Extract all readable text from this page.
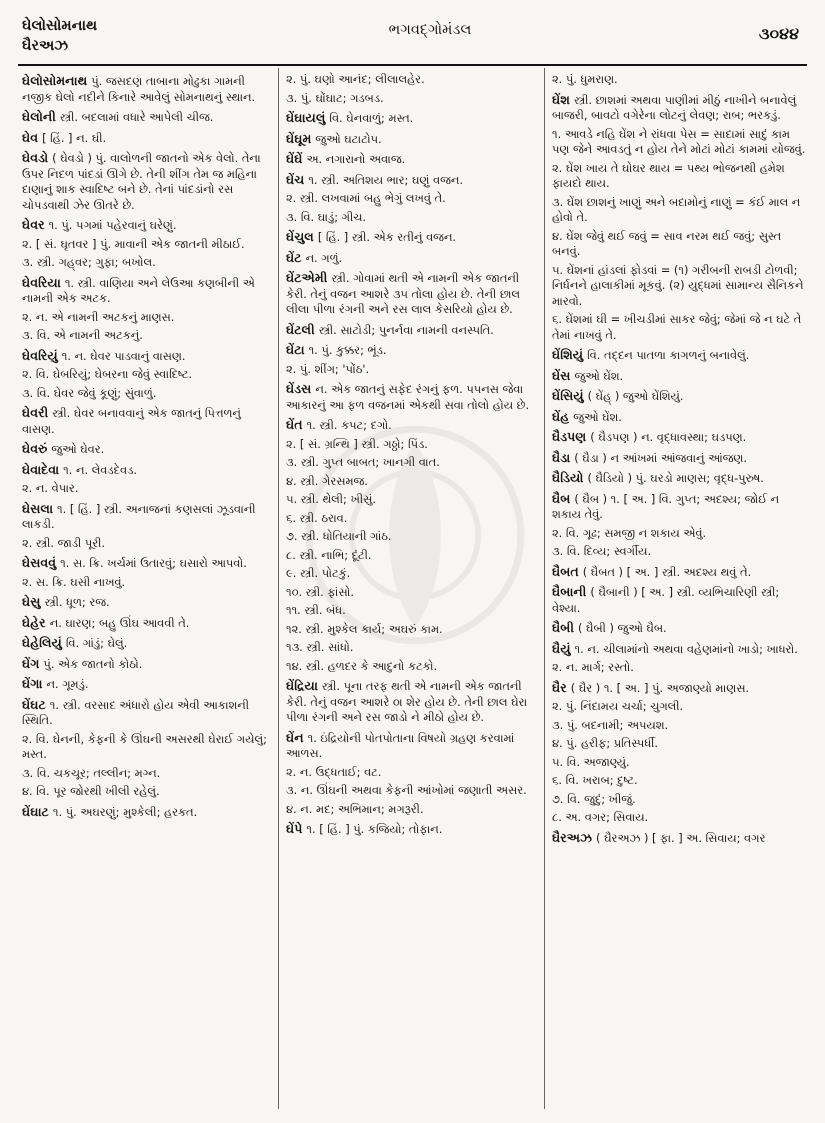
ઘેલોસોમનાથ
ઘૈરઅઝ
ભગવદ્ગોમંડલ	૩૦૪૪
ઘેલોસોમનાથ પું. જસદણ તાબાના મોઢુકા ગામની નજીક ઘેલો નદીને કિનારે આવેલું સોમનાથનું સ્થાન.
ઘેલોની સ્ત્રી. બદલામાં વધારે આપેલી ચીજ.
ઘેવ [ હિં. ] ન. ઘી.
ઘેવડો ( ઘેવડો ) પું. વાલોળની જાતનો એક વેલો. તેના ઉપર નિદળ પાંદડાં ઊગે છે. તેની શીંગ તેમ જ મહિના દાણાનું શાક સ્વાદિષ્ટ બને છે. તેનાં પાંદડાંનો રસ ચોપડવાથી ઝેર ઊતરે છે.
ઘેવર ૧. પું. પગમાં પહેરવાનું ઘરેણું.
૨. [ સં. ઘૃતવર ] પું. માવાની એક જાતની મીઠાઈ.
૩. સ્ત્રી. ગહ્‌વર; ગુફા; બખોલ.
ઘેવરિયા ૧. સ્ત્રી. વાણિયા અને લેઉઆ કણબીની એ નામની એક અટક.
૨. ન. એ નામની અટકનું માણસ.
૩. વિ. એ નામની અટકનું.
ઘેવરિયું ૧. ન. ઘેવર પાડવાનું વાસણ.
૨. વિ. ઘેબરિયું; ઘેબરના જેવું સ્વાદિષ્ટ.
૩. વિ. ઘેવર જેવું કૂણું; સુંવાળું.
ઘેવરી સ્ત્રી. ઘેવર બનાવવાનું એક જાતનું પિત્તળનું વાસણ.
ઘેવરું જુઓ ઘેવર.
ઘેવાદેવા ૧. ન. લેવડદેવડ.
૨. ન. વેપાર.
ઘેસલા ૧. [ હિં. ] સ્ત્રી. અનાજનાં કણસલાં ઝૂડવાની લાકડી.
૨. સ્ત્રી. જાડી પૂરી.
ઘેસવવું ૧. સ. ક્રિ. ખર્ચમાં ઉતારવું; ઘસારો આપવો.
૨. સ. ક્રિ. ઘસી નાખવું.
ઘેસુ સ્ત્રી. ધૂળ; રજ.
ઘેહેર ન. ઘારણ; બહુ ઊંઘ આવવી તે.
ઘેહેલિયું વિ. ગાંડું; ઘેલું.
ઘેંગ પું. એક જાતનો કોઠો.
ઘેંગા ન. ગૂમડું.
ઘેંઘટ ૧. સ્ત્રી. વરસાદ અંધારો હોય એવી આકાશની સ્થિતિ.
૨. વિ. ઘેનની, કેફની કે ઊંઘની અસરથી ઘેરાઈ ગયેલું; મસ્ત.
૩. વિ. ચકચૂર; તલ્લીન; મગ્ન.
૪. વિ. પૂર જોરથી ખીલી રહેલું.
ઘેંઘાટ ૧. પું. અઘરણું; મુશ્કેલી; હરકત.
૨. પું. ઘણો આનંદ; લીલાલહેર.
૩. પું. ઘોંઘાટ; ગડબડ.
ઘેંઘાયલું વિ. ઘેનવાળું; મસ્ત.
ઘેંઘૂમ જુઓ ઘટાટોપ.
ઘેંઘેં અ. નગારાનો અવાજ.
ઘેંચ ૧. સ્ત્રી. અતિશય ભાર; ઘણું વજન.
૨. સ્ત્રી. લખવામાં બહુ ભેગું લખવું તે.
૩. વિ. ઘાડું; ગીચ.
ઘેંચુલ [ હિં. ] સ્ત્રી. એક રતીનું વજન.
ઘેંટ ન. ગળું.
ઘેંટએમી સ્ત્રી. ગોવામાં થતી એ નામની એક જાતની કેરી. તેનું વજન આશરે ૩૫ તોલા હોય છે. તેની છાલ લીલા પીળા રંગની અને રસ લાલ કેસરિયો હોય છે.
ઘેંટલી સ્ત્રી. સાટોડી; પુનર્નવા નામની વનસ્પતિ.
ઘેંટા ૧. પું. કુક્કર; ભૂંડ.
૨. પું. શીંગ; 'પોંઠ'.
ઘેંડસ ન. એક જાતનું સફેદ રંગનું ફળ. પપનસ જેવા આકારનું આ ફળ વજનમાં એકથી સવા તોલો હોય છે.
ઘેંત ૧. સ્ત્રી. કપટ; દગો.
૨. [ સં. ગ્રન્થિ ] સ્ત્રી. ગઠ્ઠો; પિંડ.
૩. સ્ત્રી. ગુપ્ત બાબત; ખાનગી વાત.
૪. સ્ત્રી. ગેરસમજ.
૫. સ્ત્રી. થેલી; ખીસું.
૬. સ્ત્રી. ઠરાવ.
૭. સ્ત્રી. ધોતિયાની ગાંઠ.
૮. સ્ત્રી. નાભિ; દૂંટી.
૯. સ્ત્રી. પોટકું.
૧૦. સ્ત્રી. ફાંસો.
૧૧. સ્ત્રી. બંધ.
૧૨. સ્ત્રી. મુશ્કેલ કાર્ય; અઘરું કામ.
૧૩. સ્ત્રી. સાંધો.
૧૪. સ્ત્રી. હળદર કે આદુનો કટકો.
ઘેંદ્રિયા સ્ત્રી. પૂના તરફ થતી એ નામની એક જાતની કેરી. તેનું વજન આશરે ૦ા શેર હોય છે. તેની છાલ ઘેરા પીળા રંગની અને રસ જાડો ને મીઠો હોય છે.
ઘેંન ૧. ઇંદ્રિયોની પોતપોતાના વિષયો ગ્રહણ કરવામાં આળસ.
૨. ન. ઉદ્ધતાઈ; વટ.
૩. ન. ઊંઘની અથવા કેફની આંખોમાં જણાતી અસર.
૪. ન. મદ; અભિમાન; મગરૂરી.
ઘેંપે ૧. [ હિં. ] પું. કજિયો; તોફાન.
૨. પું. ધુમરાણ.
ઘેંશ સ્ત્રી. છાશમાં અથવા પાણીમાં મીઠું નાખીને બનાવેલું બાજરી, બાવટો વગેરેના લોટનું લેવણ; રાબ; ભરકડું.
૧. આવડે નહિ ઘેંશ ને રાંધવા પેસ = સાદામાં સાદું કામ પણ જેને આવડતું ન હોય તેને મોટાં મોટાં કામમાં યોજવું.
૨. ઘેંશ ખાય તે ઘોઘર થાય = પથ્ય ભોજનથી હમેશ ફાયદો થાય.
૩. ઘેંશ છાશનું ખાણું અને બદામોનું નાણું = કંઈ માલ ન હોવો તે.
૪. ઘેંશ જેવું થઈ જવું = સાવ નરમ થઈ જવું; સુસ્ત બનવું.
૫. ઘેંશનાં હાંડલાં ફોડવાં = (૧) ગરીબની રાબડી ટોળવી; નિર્ધનને હાલાકીમાં મૂકવું. (૨) યુદ્ધમાં સામાન્ય સૈનિકને મારવો.
૬. ઘેંશમાં ઘી = ખીચડીમાં સાકર જેવું; જેમાં જે ન ઘટે તે તેમાં નાખવું તે.
ઘેંશિયું વિ. તદ્દન પાતળા કાગળનું બનાવેલું.
ઘેંસ જુઓ ઘેંશ.
ઘેંસિયું ( ઘેંહ્ ) જુઓ ઘેંશિયું.
ઘેંહ જુઓ ઘેંશ.
ઘૈડપણ ( ઘૈડપણ ) ન. વૃદ્ધાવસ્થા; ઘડપણ.
ઘૈડા ( ઘૈડા ) ન આંખમાં આંજવાનું આંજણ.
ઘૈડિયો ( ઘૈડિયો ) પું. ઘરડો માણસ; વૃદ્ધ-પુરુષ.
ઘૈબ ( ઘૈબ ) ૧. [ અ. ] વિ. ગુપ્ત; અદશ્ય; જોઈ ન શકાય તેવું.
૨. વિ. ગૂઢ; સમજી ન શકાય એવું.
૩. વિ. દિવ્ય; સ્વર્ગીય.
ઘૈબત ( ઘૈબત ) [ અ. ] સ્ત્રી. અદશ્ય થવું તે.
ઘૈબાની ( ઘૈબાની ) [ અ. ] સ્ત્રી. વ્યભિચારિણી સ્ત્રી; વેશ્યા.
ઘૈબી ( ઘૈબી ) જુઓ ઘૈબ.
ઘૈયું ૧. ન. ચીલામાંનો અથવા વહેણમાંનો ખાડો; ખાધરો.
૨. ન. માર્ગ; રસ્તો.
ઘૈર ( ઘૈર ) ૧. [ અ. ] પું. અજાણ્યો માણસ.
૨. પું. નિંદામય ચર્ચા; ચુગલી.
૩. પું. બદનામી; અપયશ.
૪. પું. હરીફ; પ્રતિસ્પર્ધી.
૫. વિ. અજાણ્યું.
૬. વિ. ખરાબ; દુષ્ટ.
૭. વિ. જુદું; ખીજું.
૮. અ. વગર; સિવાય.
ઘૈરઅઝ ( ઘૈરઅઝ ) [ ફા. ] અ. સિવાય; વગર
